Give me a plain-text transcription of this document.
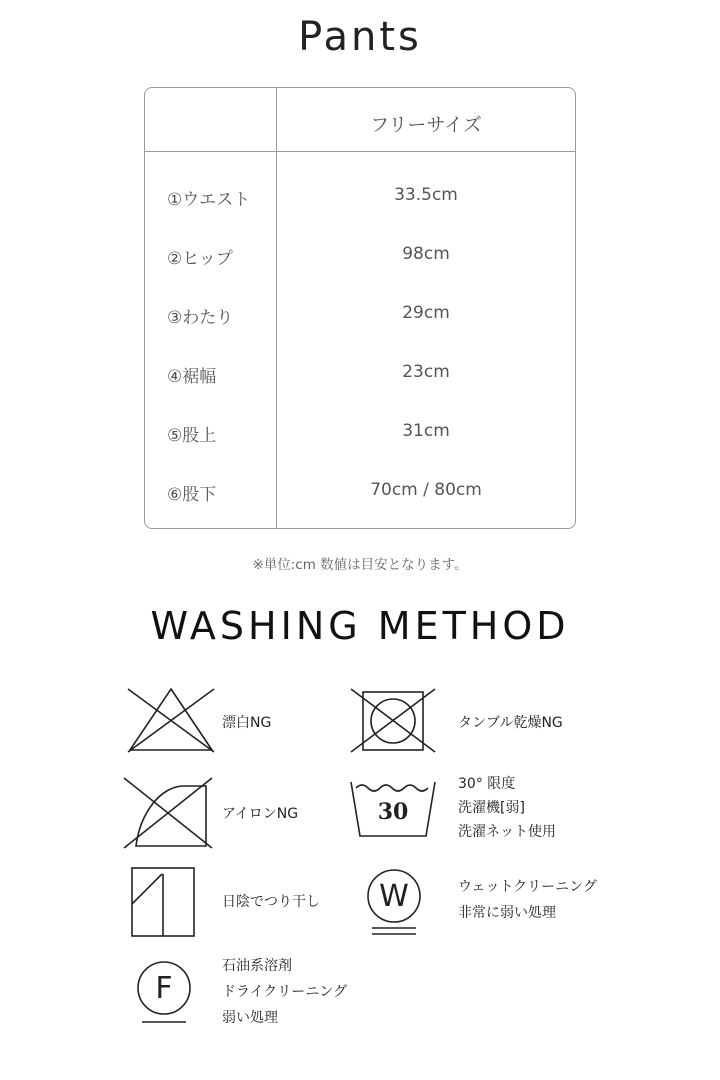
Pants
フリーサイズ
①ウエスト	33.5cm
②ヒップ	98cm
③わたり	29cm
④裾幅	23cm
⑤股上	31cm
⑥股下	70cm / 80cm
※単位:cm 数値は目安となります。
WASHING METHOD
漂白NG	タンブル乾燥NG
アイロンNG	30
30° 限度
洗濯機[弱]
洗濯ネット使用
日陰でつり干し	W	ウェットクリーニング
非常に弱い処理
F
石油系溶剤
ドライクリーニング
弱い処理
